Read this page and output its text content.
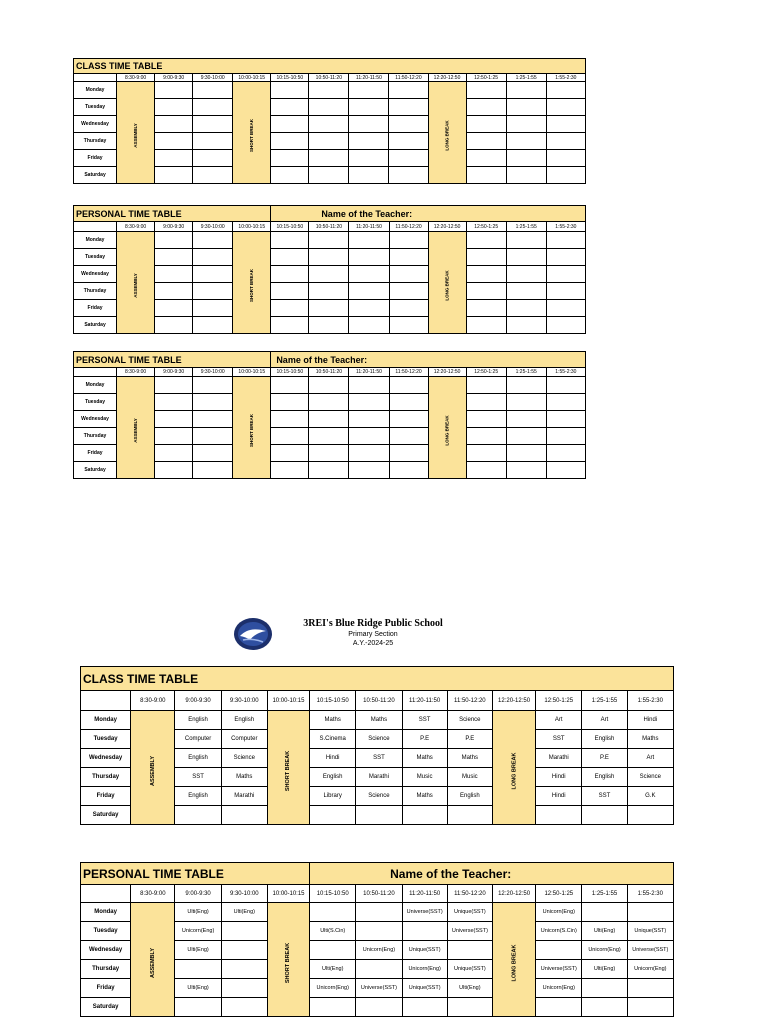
3REI's Blue Ridge Public School
Primary Section
A.Y.-2024-25
CLASS TIME TABLE												
	8:30-9:00	9:00-9:30	9:30-10:00	10:00-10:15	10:15-10:50	10:50-11:20	11:20-11:50	11:50-12:20	12:20-12:50	12:50-1:25	1:25-1:55	1:55-2:30
Monday	ASSEMBLY			SHORT BREAK					LONG BREAK			
Tuesday												
Wednesday												
Thursday												
Friday												
Saturday												
PERSONAL TIME TABLE					Name of the Teacher:							
	8:30-9:00	9:00-9:30	9:30-10:00	10:00-10:15	10:15-10:50	10:50-11:20	11:20-11:50	11:50-12:20	12:20-12:50	12:50-1:25	1:25-1:55	1:55-2:30
Monday	ASSEMBLY			SHORT BREAK					LONG BREAK			
Tuesday												
Wednesday												
Thursday												
Friday												
Saturday												
PERSONAL TIME TABLE					Name of the Teacher:							
	8:30-9:00	9:00-9:30	9:30-10:00	10:00-10:15	10:15-10:50	10:50-11:20	11:20-11:50	11:50-12:20	12:20-12:50	12:50-1:25	1:25-1:55	1:55-2:30
Monday	ASSEMBLY			SHORT BREAK					LONG BREAK			
Tuesday												
Wednesday												
Thursday												
Friday												
Saturday												
CLASS TIME TABLE												
	8:30-9:00	9:00-9:30	9:30-10:00	10:00-10:15	10:15-10:50	10:50-11:20	11:20-11:50	11:50-12:20	12:20-12:50	12:50-1:25	1:25-1:55	1:55-2:30
Monday	ASSEMBLY	English	English	SHORT BREAK	Maths	Maths	SST	Science	LONG BREAK	Art	Art	Hindi
Tuesday		Computer	Computer		S.Cinema	Science	P.E	P.E		SST	English	Maths
Wednesday		English	Science		Hindi	SST	Maths	Maths		Marathi	P.E	Art
Thursday		SST	Maths		English	Marathi	Music	Music		Hindi	English	Science
Friday		English	Marathi		Library	Science	Maths	English		Hindi	SST	G.K
Saturday												
PERSONAL TIME TABLE					Name of the Teacher:							
	8:30-9:00	9:00-9:30	9:30-10:00	10:00-10:15	10:15-10:50	10:50-11:20	11:20-11:50	11:50-12:20	12:20-12:50	12:50-1:25	1:25-1:55	1:55-2:30
Monday	ASSEMBLY	Ulti(Eng)	Ulti(Eng)	SHORT BREAK			Universe(SST)	Unique(SST)	LONG BREAK	Unicorn(Eng)		
Tuesday		Unicorn(Eng)			Ulti(S.Cin)			Universe(SST)		Unicorn(S.Cin)	Ulti(Eng)	Unique(SST)
Wednesday		Ulti(Eng)				Unicorn(Eng)	Unique(SST)				Unicorn(Eng)	Universe(SST)
Thursday					Ulti(Eng)		Unicorn(Eng)	Unique(SST)		Universe(SST)	Ulti(Eng)	Unicorn(Eng)
Friday		Ulti(Eng)			Unicorn(Eng)	Universe(SST)	Unique(SST)	Ulti(Eng)		Unicorn(Eng)		
Saturday												
